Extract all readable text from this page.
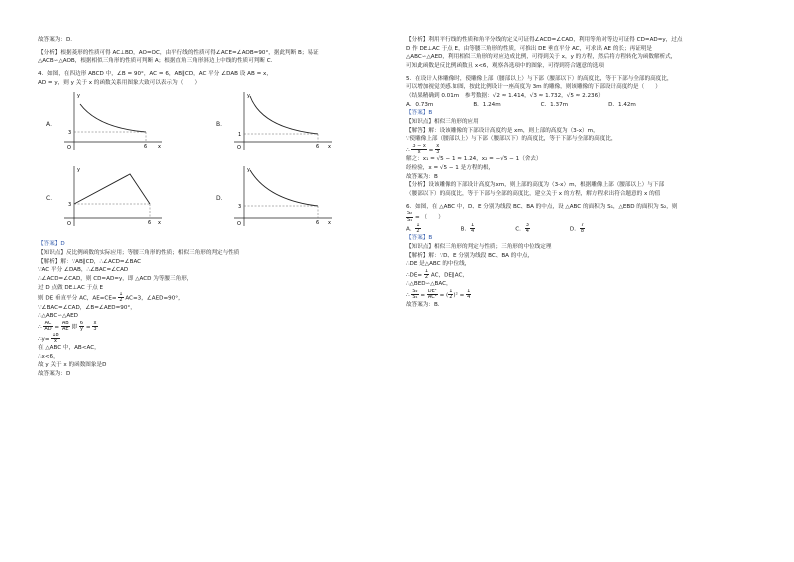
故答案为：D.
【分析】根据菱形的性质可得 AC⊥BD，AO=OC，由平行线的性质可得∠ACE=∠AOB=90°，据此判断 B；易证
△ACB∽△AOB，根据相似三角形的性质可判断 A；根据直角三角形斜边上中线的性质可判断 C.
4．如图，在四边形 ABCD 中，∠B = 90°，AC = 6，AB∥CD，AC 平分 ∠DAB 设 AB = x，
AD = y，则 y 关于 x 的函数关系用图象大致可以表示为（　　）
A．
3
6 x
y
O
B．
1
6 x
y
O
C．
3
6 x
y
O
D．
3
6 x
y
O
【答案】D
【知识点】反比例函数的实际应用；等腰三角形的性质；相似三角形的判定与性质
【解析】解：∵AB∥CD，∴∠ACD=∠BAC
∵AC 平分 ∠DAB，∴∠BAC=∠CAD
∴∠ACD=∠CAD，则 CD=AD=y，即 △ACD 为等腰三角形，
过 D 点做 DE⊥AC 于点 E
则 DE 垂直平分 AC，$AE=CE= \frac{1}{2} AC=3$，∠AED=90°，
∵∠BAC=∠CAD，∠B=∠AED=90°，
∴△ABC∽△AED
∴ $\frac{AC}{AD} = \frac{AB}{AE}$ 即 $\frac{6}{y} = \frac{x}{3}$
∴y= $\frac{18}{x}$
在 △ABC 中，AB<AC，
∴x<6，
故 y 关于 x 的函数图象是D
故答案为：D
【分析】利用平行线的性质和角平分线的定义可证得∠ACD=∠CAD，利用等角对等边可证得 CD=AD=y，过点
D 作 DE⊥AC 于点 E，由等腰三角形的性质，可推出 DE 垂直平分 AC，可求出 AE 的长；再证明是
△ABC∽△AED，利用相似三角形的对应边成比例，可得到关于 x，y 的方程，然后将方程转化为函数解析式，
可知此函数是反比例函数且 x<6，观察各选项中的图象，可得到符合题意的选项
5．在设计人体雕像时，使雕像上部（腰部以上）与下部（腰部以下）的高度比，等于下部与全部的高度比，
可以增加视觉美感.如图，按此比例设计一座高度为 3m 的雕像，则该雕像的下部设计高度约是（　　）
（结果精确到 0.01m　参考数据：√2 ≈ 1.414，√3 ≈ 1.732，√5 ≈ 2.236）
A．0.73m	B．1.24m	C．1.37m	D．1.42m
【答案】B
【知识点】相似三角形的应用
【解答】解：设该雕像的下部设计高度约是 xm，则上部的高度为（3-x）m，
∵使雕像上部（腰部以上）与下部（腰部以下）的高度比，等于下部与全部的高度比，
∴ $\frac{3 - x}{x} = \frac{x}{3}$
解之：x₁ = √5 − 1 ≈ 1.24，x₂ = −√5 − 1（舍去）
经检验，x = √5 − 1 是方程的根，
故答案为：B
【分析】设该雕像的下部设计高度为xm，则上部的高度为（3-x）m，根据雕像上部（腰部以上）与下部
（腰部以下）的高度比，等于下部与全部的高度比，建立关于 x 的方程，解方程求出符合题意的 x 的值
6．如图，在 △ABC 中，D、E 分别为线段 BC、BA 的中点，设 △ABC 的面积为 S₁，△EBD 的面积为 S₂，则
$\frac{\text{S₂}}{\text{S₁}}$ = （　　）
A． $\frac{1}{2}$	B． $\frac{1}{4}$	C． $\frac{3}{4}$	D． $\frac{7}{8}$
【答案】B
【知识点】相似三角形的判定与性质；三角形的中位线定理
【解析】解：∵D、E 分别为线段 BC、BA 的中点，
∴DE 是△ABC 的中位线，
∴DE= $\frac{1}{2}$ AC，DE∥AC，
∴△BED∽△BAC，
∴ $\frac{\text{S₂}}{\text{S₁}} = \frac{\text{DE²}}{\text{AC²}}$ = ( $\frac{1}{2} )^2 = \frac{1}{4}$
故答案为：B.
